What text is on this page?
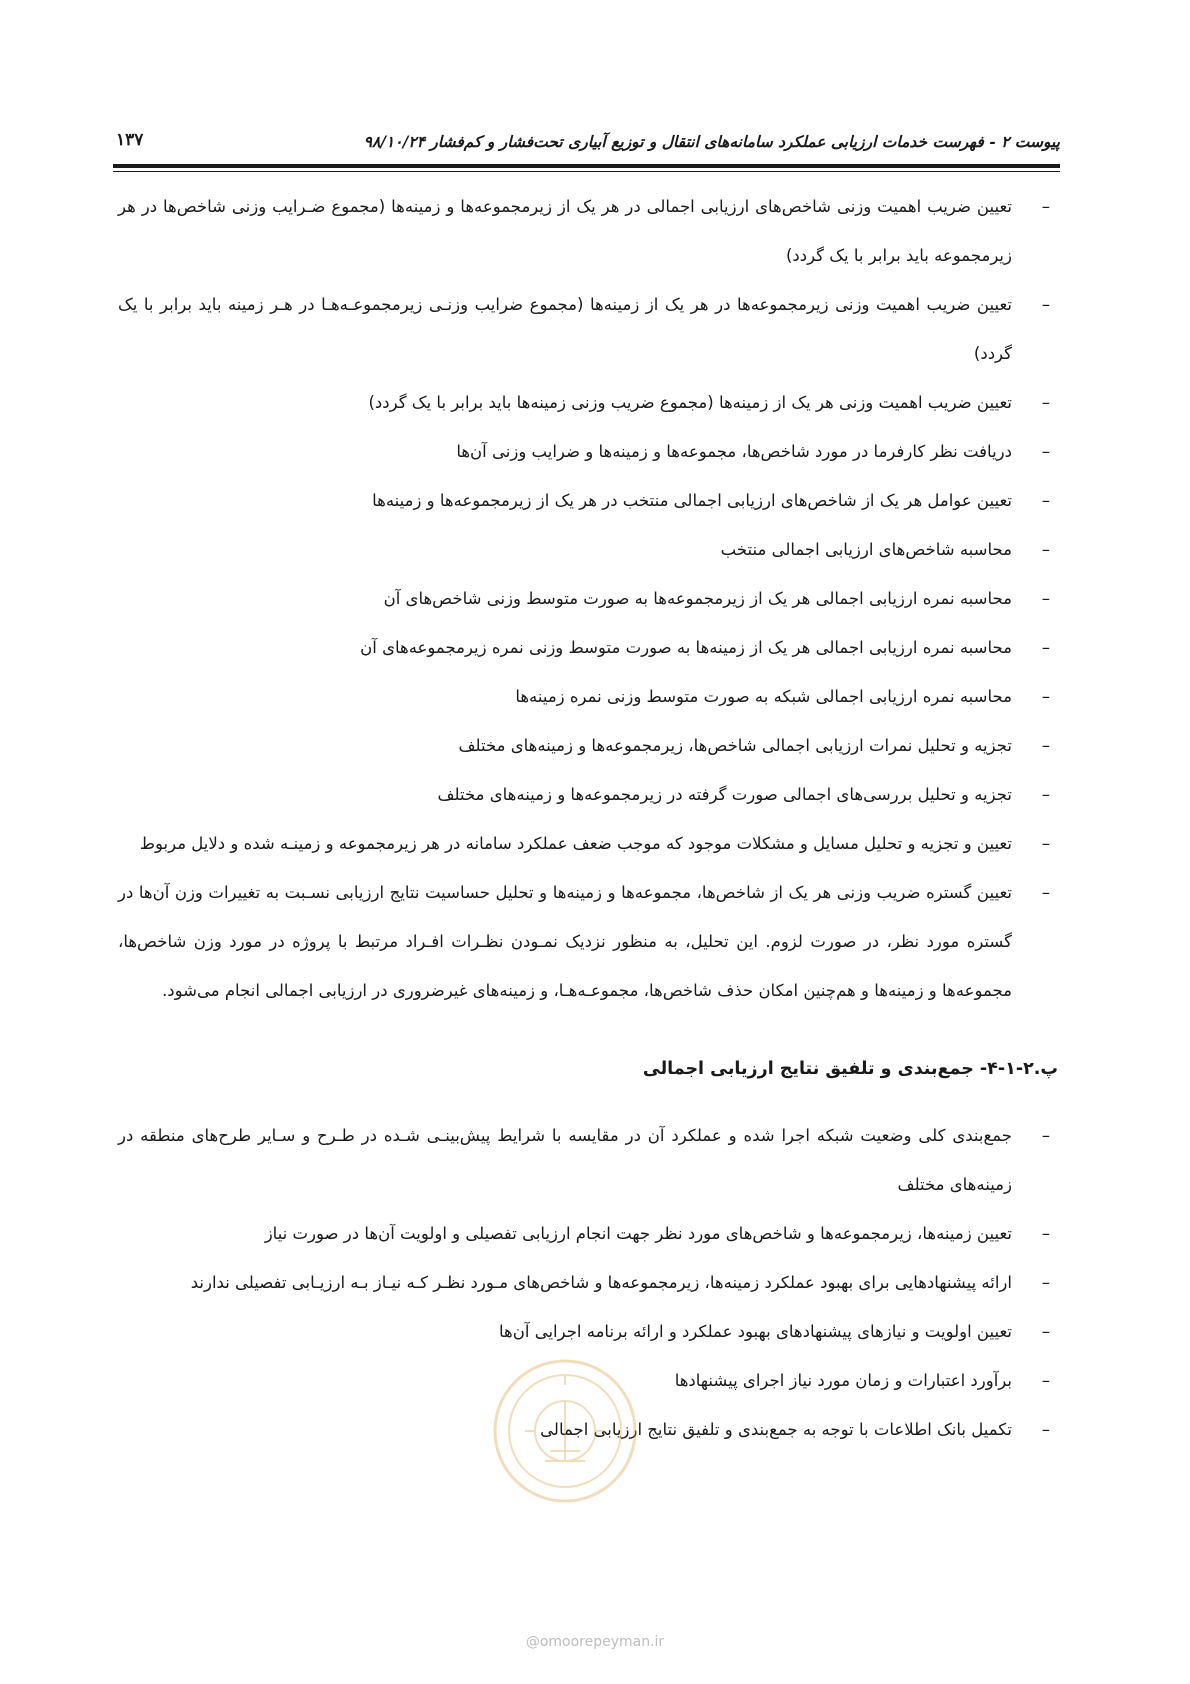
پیوست ۲ - فهرست خدمات ارزیابی عملکرد سامانه‌های انتقال و توزیع آبیاری تحت‌فشار و کم‌فشار ۹۸/۱۰/۲۴
۱۳۷
–
تعیین ضریب اهمیت وزنی شاخص‌های ارزیابی اجمالی در هر یک از زیرمجموعه‌ها و زمینه‌ها (مجموع ضـرایب وزنی شاخص‌ها در هر زیرمجموعه باید برابر با یک گردد)
–
تعیین ضریب اهمیت وزنی زیرمجموعه‌ها در هر یک از زمینه‌ها (مجموع ضرایب وزنـی زیرمجموعـه‌هـا در هـر زمینه باید برابر با یک گردد)
–
تعیین ضریب اهمیت وزنی هر یک از زمینه‌ها (مجموع ضریب وزنی زمینه‌ها باید برابر با یک گردد)
–
دریافت نظر کارفرما در مورد شاخص‌ها، مجموعه‌ها و زمینه‌ها و ضرایب وزنی آن‌ها
–
تعیین عوامل هر یک از شاخص‌های ارزیابی اجمالی منتخب در هر یک از زیرمجموعه‌ها و زمینه‌ها
–
محاسبه شاخص‌های ارزیابی اجمالی منتخب
–
محاسبه نمره ارزیابی اجمالی هر یک از زیرمجموعه‌ها به صورت متوسط وزنی شاخص‌های آن
–
محاسبه نمره ارزیابی اجمالی هر یک از زمینه‌ها به صورت متوسط وزنی نمره زیرمجموعه‌های آن
–
محاسبه نمره ارزیابی اجمالی شبکه به صورت متوسط وزنی نمره زمینه‌ها
–
تجزیه و تحلیل نمرات ارزیابی اجمالی شاخص‌ها، زیرمجموعه‌ها و زمینه‌های مختلف
–
تجزیه و تحلیل بررسی‌های اجمالی صورت گرفته در زیرمجموعه‌ها و زمینه‌های مختلف
–
تعیین و تجزیه و تحلیل مسایل و مشکلات موجود که موجب ضعف عملکرد سامانه در هر زیرمجموعه و زمینـه شده و دلایل مربوط
–
تعیین گستره ضریب وزنی هر یک از شاخص‌ها، مجموعه‌ها و زمینه‌ها و تحلیل حساسیت نتایج ارزیابی نسـبت به تغییرات وزن آن‌ها در گستره مورد نظر، در صورت لزوم. این تحلیل، به منظور نزدیک نمـودن نظـرات افـراد مرتبط با پروژه در مورد وزن شاخص‌ها، مجموعه‌ها و زمینه‌ها و هم‌چنین امکان حذف شاخص‌ها، مجموعـه‌هـا، و زمینه‌های غیرضروری در ارزیابی اجمالی انجام می‌شود.
پ.۲-۱-۴- جمع‌بندی و تلفیق نتایج ارزیابی اجمالی
–
جمع‌بندی کلی وضعیت شبکه اجرا شده و عملکرد آن در مقایسه با شرایط پیش‌بینـی شـده در طـرح و سـایر طرح‌های منطقه در زمینه‌های مختلف
–
تعیین زمینه‌ها، زیرمجموعه‌ها و شاخص‌های مورد نظر جهت انجام ارزیابی تفصیلی و اولویت آن‌ها در صورت نیاز
–
ارائه پیشنهادهایی برای بهبود عملکرد زمینه‌ها، زیرمجموعه‌ها و شاخص‌های مـورد نظـر کـه نیـاز بـه ارزیـابی تفصیلی ندارند
–
تعیین اولویت و نیازهای پیشنهادهای بهبود عملکرد و ارائه برنامه اجرایی آن‌ها
–
برآورد اعتبارات و زمان مورد نیاز اجرای پیشنهادها
–
تکمیل بانک اطلاعات با توجه به جمع‌بندی و تلفیق نتایج ارزیابی اجمالی
@omoorepeyman.ir
